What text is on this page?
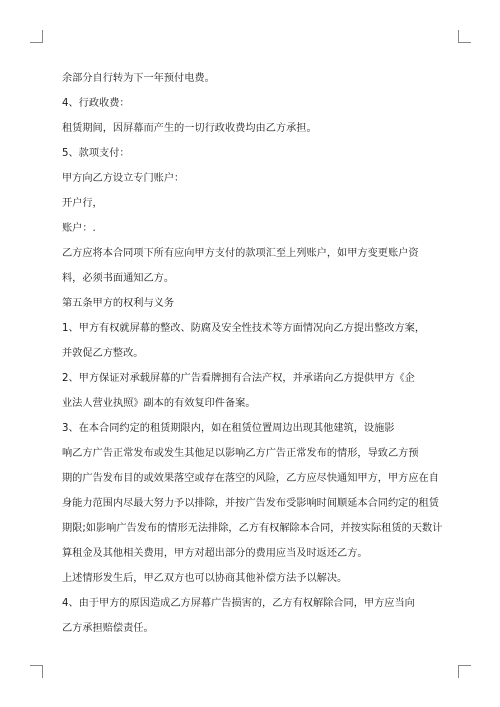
余部分自行转为下一年预付电费。

4、行政收费：

租赁期间，因屏幕而产生的一切行政收费均由乙方承担。

5、款项支付：

甲方向乙方设立专门账户：

开户行，

账户：.

乙方应将本合同项下所有应向甲方支付的款项汇至上列账户，如甲方变更账户资

料，必须书面通知乙方。

第五条甲方的权利与义务

1、甲方有权就屏幕的整改、防腐及安全性技术等方面情况向乙方提出整改方案，

并敦促乙方整改。

2、甲方保证对承载屏幕的广告看牌拥有合法产权，并承诺向乙方提供甲方《企

业法人营业执照》副本的有效复印件备案。

3、在本合同约定的租赁期限内，如在租赁位置周边出现其他建筑，设施影

响乙方广告正常发布或发生其他足以影响乙方广告正常发布的情形，导致乙方预

期的广告发布目的或效果落空或存在落空的风险，乙方应尽快通知甲方，甲方应在自

身能力范围内尽最大努力予以排除，并按广告发布受影响时间顺延本合同约定的租赁

期限;如影响广告发布的情形无法排除，乙方有权解除本合同，并按实际租赁的天数计

算租金及其他相关费用，甲方对超出部分的费用应当及时返还乙方。

上述情形发生后，甲乙双方也可以协商其他补偿方法予以解决。

4、由于甲方的原因造成乙方屏幕广告损害的，乙方有权解除合同，甲方应当向

乙方承担赔偿责任。
